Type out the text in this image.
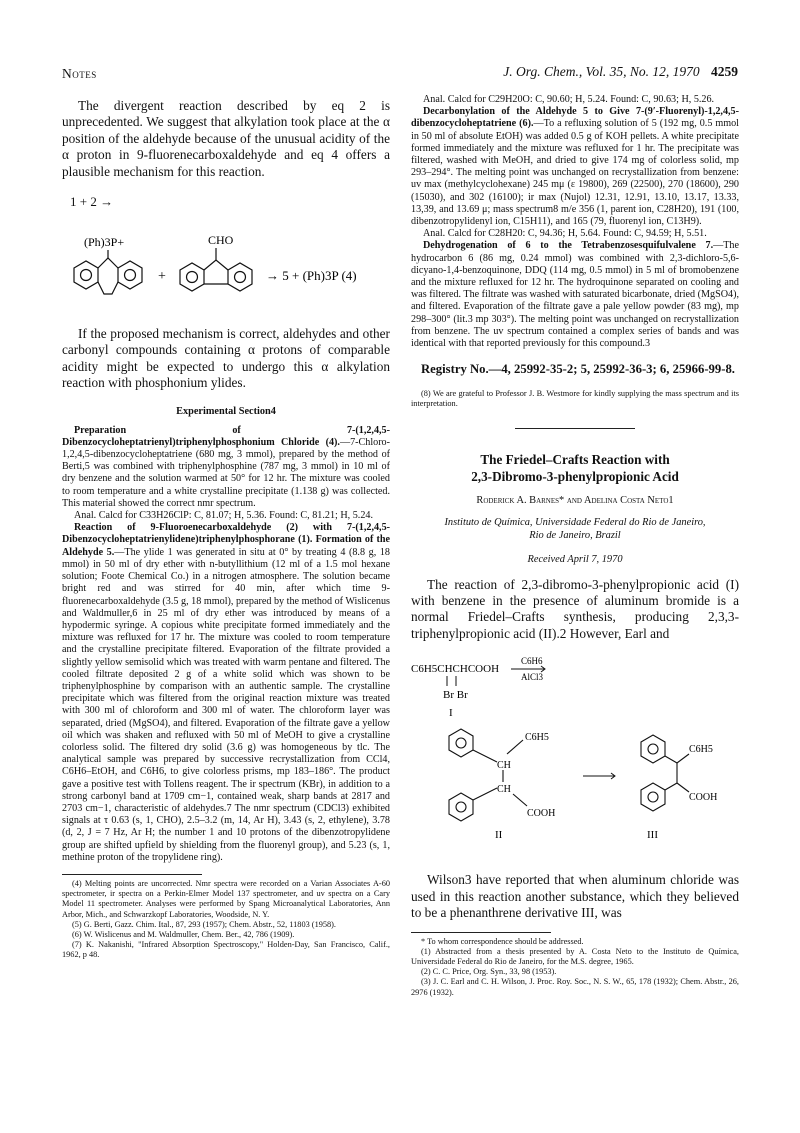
Notes	J. Org. Chem., Vol. 35, No. 12, 1970 4259

The divergent reaction described by eq 2 is unprecedented. We suggest that alkylation took place at the α position of the aldehyde because of the unusual acidity of the α proton in 9-fluorenecarboxaldehyde and eq 4 offers a plausible mechanism for this reaction.

1 + 2 →
(Ph)3P+
+
CHO
→ 5 + (Ph)3P (4)

If the proposed mechanism is correct, aldehydes and other carbonyl compounds containing α protons of comparable acidity might be expected to undergo this α alkylation reaction with phosphonium ylides.

Experimental Section4

Preparation of 7-(1,2,4,5-Dibenzocycloheptatrienyl)triphenylphosphonium Chloride (4).—7-Chloro-1,2,4,5-dibenzocycloheptatriene (680 mg, 3 mmol), prepared by the method of Berti,5 was combined with triphenylphosphine (787 mg, 3 mmol) in 10 ml of dry benzene and the solution warmed at 50° for 12 hr. The mixture was cooled to room temperature and a white crystalline precipitate (1.138 g) was collected. This material showed the correct nmr spectrum.

Anal. Calcd for C33H26ClP: C, 81.07; H, 5.36. Found: C, 81.21; H, 5.24.

Reaction of 9-Fluoroenecarboxaldehyde (2) with 7-(1,2,4,5-Dibenzocycloheptatrienylidene)triphenylphosphorane (1). Formation of the Aldehyde 5.—The ylide 1 was generated in situ at 0° by treating 4 (8.8 g, 18 mmol) in 50 ml of dry ether with n-butyllithium (12 ml of a 1.5 mol hexane solution; Foote Chemical Co.) in a nitrogen atmosphere. The solution became bright red and was stirred for 40 min, after which time 9-fluorenecarboxaldehyde (3.5 g, 18 mmol), prepared by the method of Wislicenus and Waldmuller,6 in 25 ml of dry ether was introduced by means of a hypodermic syringe. A copious white precipitate formed immediately and the mixture was refluxed for 17 hr. The mixture was cooled to room temperature and the crystalline precipitate filtered. Evaporation of the filtrate provided a slightly yellow semisolid which was treated with warm pentane and filtered. The cooled filtrate deposited 2 g of a white solid which was shown to be triphenylphosphine by comparison with an authentic sample. The crystalline precipitate which was filtered from the original reaction mixture was treated with 300 ml of chloroform and 300 ml of water. The chloroform layer was separated, dried (MgSO4), and filtered. Evaporation of the filtrate gave a yellow oil which was shaken and refluxed with 50 ml of MeOH to give a crystalline colorless solid. The filtered dry solid (3.6 g) was homogeneous by tlc. The analytical sample was prepared by successive recrystallization from CCl4, C6H6–EtOH, and C6H6, to give colorless prisms, mp 183–186°. The product gave a positive test with Tollens reagent. The ir spectrum (KBr), in addition to a strong carbonyl band at 1709 cm−1, contained weak, sharp bands at 2817 and 2703 cm−1, characteristic of aldehydes.7 The nmr spectrum (CDCl3) exhibited signals at τ 0.63 (s, 1, CHO), 2.5–3.2 (m, 14, Ar H), 3.43 (s, 2, ethylene), 3.78 (d, 2, J = 7 Hz, Ar H; the number 1 and 10 protons of the dibenzotropylidene group are shifted upfield by shielding from the fluorenyl group), and 5.23 (s, 1, methine proton of the tropylidene ring).

(4) Melting points are uncorrected. Nmr spectra were recorded on a Varian Associates A-60 spectrometer, ir spectra on a Perkin-Elmer Model 137 spectrometer, and uv spectra on a Cary Model 11 spectrometer. Analyses were performed by Spang Microanalytical Laboratories, Ann Arbor, Mich., and Schwarzkopf Laboratories, Woodside, N. Y.

(5) G. Berti, Gazz. Chim. Ital., 87, 293 (1957); Chem. Abstr., 52, 11803 (1958).

(6) W. Wislicenus and M. Waldmuller, Chem. Ber., 42, 786 (1909).

(7) K. Nakanishi, "Infrared Absorption Spectroscopy," Holden-Day, San Francisco, Calif., 1962, p 48.

Anal. Calcd for C29H20O: C, 90.60; H, 5.24. Found: C, 90.63; H, 5.26.

Decarbonylation of the Aldehyde 5 to Give 7-(9′-Fluorenyl)-1,2,4,5-dibenzocycloheptatriene (6).—To a refluxing solution of 5 (192 mg, 0.5 mmol in 50 ml of absolute EtOH) was added 0.5 g of KOH pellets. A white precipitate formed immediately and the mixture was refluxed for 1 hr. The precipitate was filtered, washed with MeOH, and dried to give 174 mg of colorless solid, mp 293–294°. The melting point was unchanged on recrystallization from benzene: uv max (methylcyclohexane) 245 mμ (ε 19800), 269 (22500), 270 (18600), 290 (15030), and 302 (16100); ir max (Nujol) 12.31, 12.91, 13.10, 13.17, 13.33, 13,39, and 13.69 μ; mass spectrum8 m/e 356 (1, parent ion, C28H20), 191 (100, dibenzotropylidenyl ion, C15H11), and 165 (79, fluorenyl ion, C13H9).

Anal. Calcd for C28H20: C, 94.36; H, 5.64. Found: C, 94.59; H, 5.51.

Dehydrogenation of 6 to the Tetrabenzosesquifulvalene 7.—The hydrocarbon 6 (86 mg, 0.24 mmol) was combined with 2,3-dichloro-5,6-dicyano-1,4-benzoquinone, DDQ (114 mg, 0.5 mmol) in 5 ml of bromobenzene and the mixture refluxed for 12 hr. The hydroquinone separated on cooling and was filtered. The filtrate was washed with saturated bicarbonate, dried (MgSO4), and filtered. Evaporation of the filtrate gave a pale yellow powder (83 mg), mp 298–300° (lit.3 mp 303°). The melting point was unchanged on recrystallization from benzene. The uv spectrum contained a complex series of bands and was identical with that reported previously for this compound.3

Registry No.—4, 25992-35-2; 5, 25992-36-3; 6, 25966-99-8.

(8) We are grateful to Professor J. B. Westmore for kindly supplying the mass spectrum and its interpretation.

The Friedel–Crafts Reaction with
2,3-Dibromo-3-phenylpropionic Acid
Roderick A. Barnes* and Adelina Costa Neto1
Instituto de Química, Universidade Federal do Rio de Janeiro,
Rio de Janeiro, Brazil
Received April 7, 1970

The reaction of 2,3-dibromo-3-phenylpropionic acid (I) with benzene in the presence of aluminum bromide is a normal Friedel–Crafts synthesis, producing 2,3,3-triphenylpropionic acid (II).2 However, Earl and

C6H5CHCHCOOH
Br Br
I
C6H6
AlCl3
C6H5
CH
CH
COOH
II
C6H5
COOH
III

Wilson3 have reported that when aluminum chloride was used in this reaction another substance, which they believed to be a phenanthrene derivative III, was

* To whom correspondence should be addressed.

(1) Abstracted from a thesis presented by A. Costa Neto to the Instituto de Química, Universidade Federal do Rio de Janeiro, for the M.S. degree, 1965.

(2) C. C. Price, Org. Syn., 33, 98 (1953).

(3) J. C. Earl and C. H. Wilson, J. Proc. Roy. Soc., N. S. W., 65, 178 (1932); Chem. Abstr., 26, 2976 (1932).
